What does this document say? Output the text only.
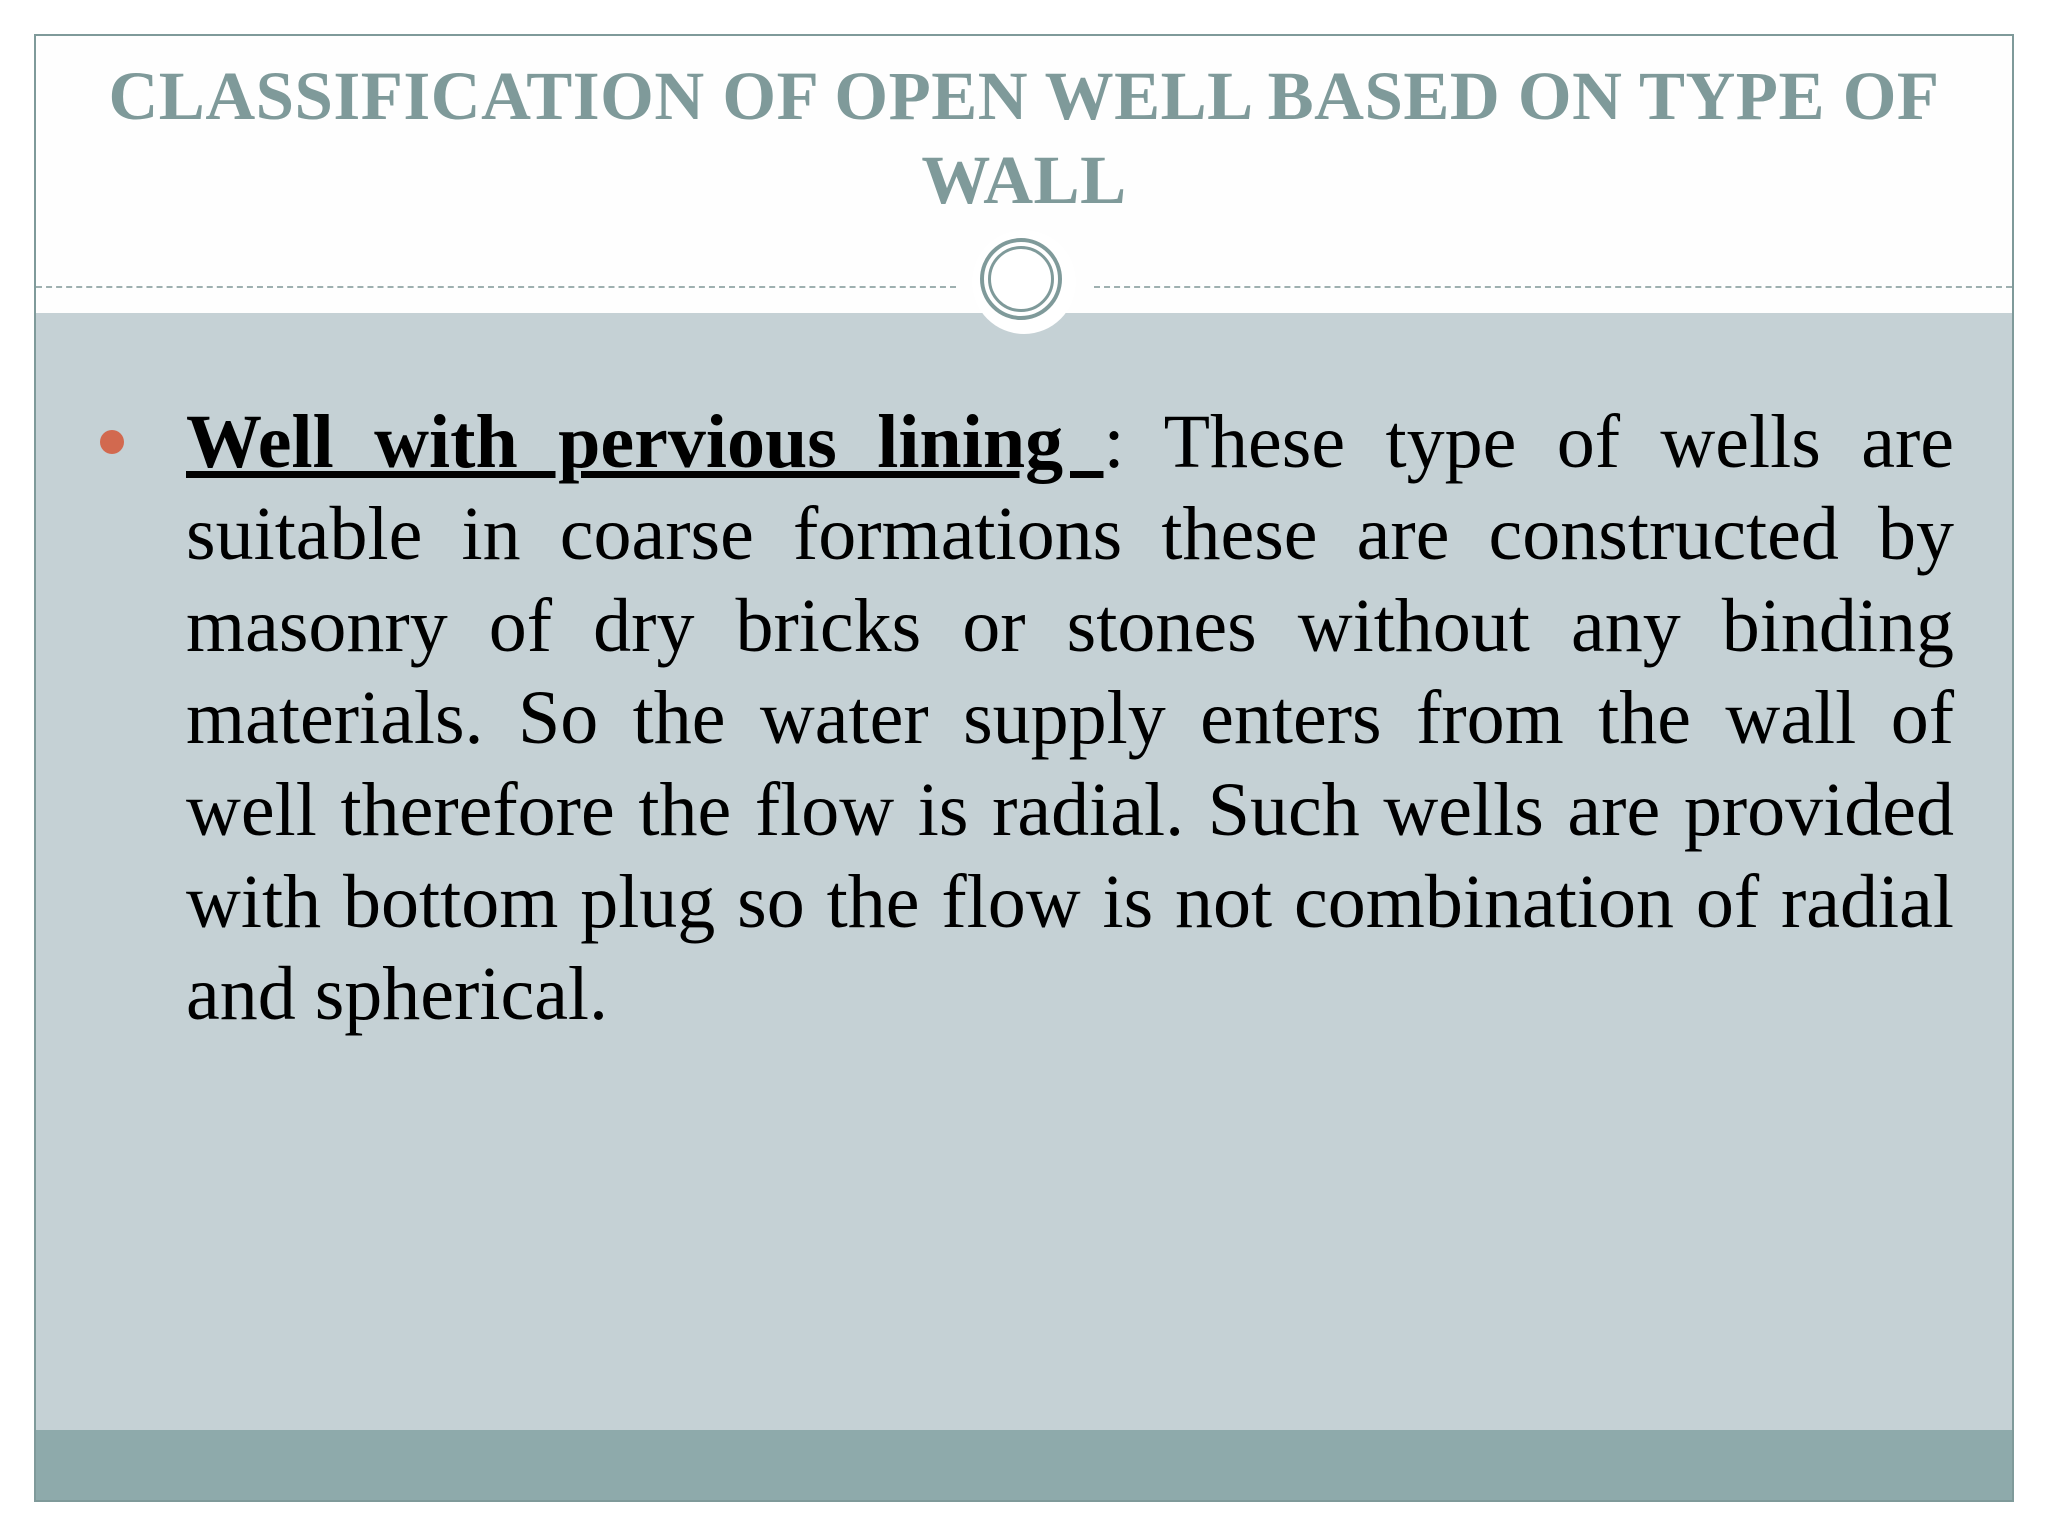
CLASSIFICATION OF OPEN WELL BASED ON TYPE OF WALL
Well with pervious lining : These type of wells are suitable in coarse formations these are constructed by masonry of dry bricks or stones without any binding materials. So the water supply enters from the wall of well therefore the flow is radial. Such wells are provided with bottom plug so the flow is not combination of radial and spherical.
